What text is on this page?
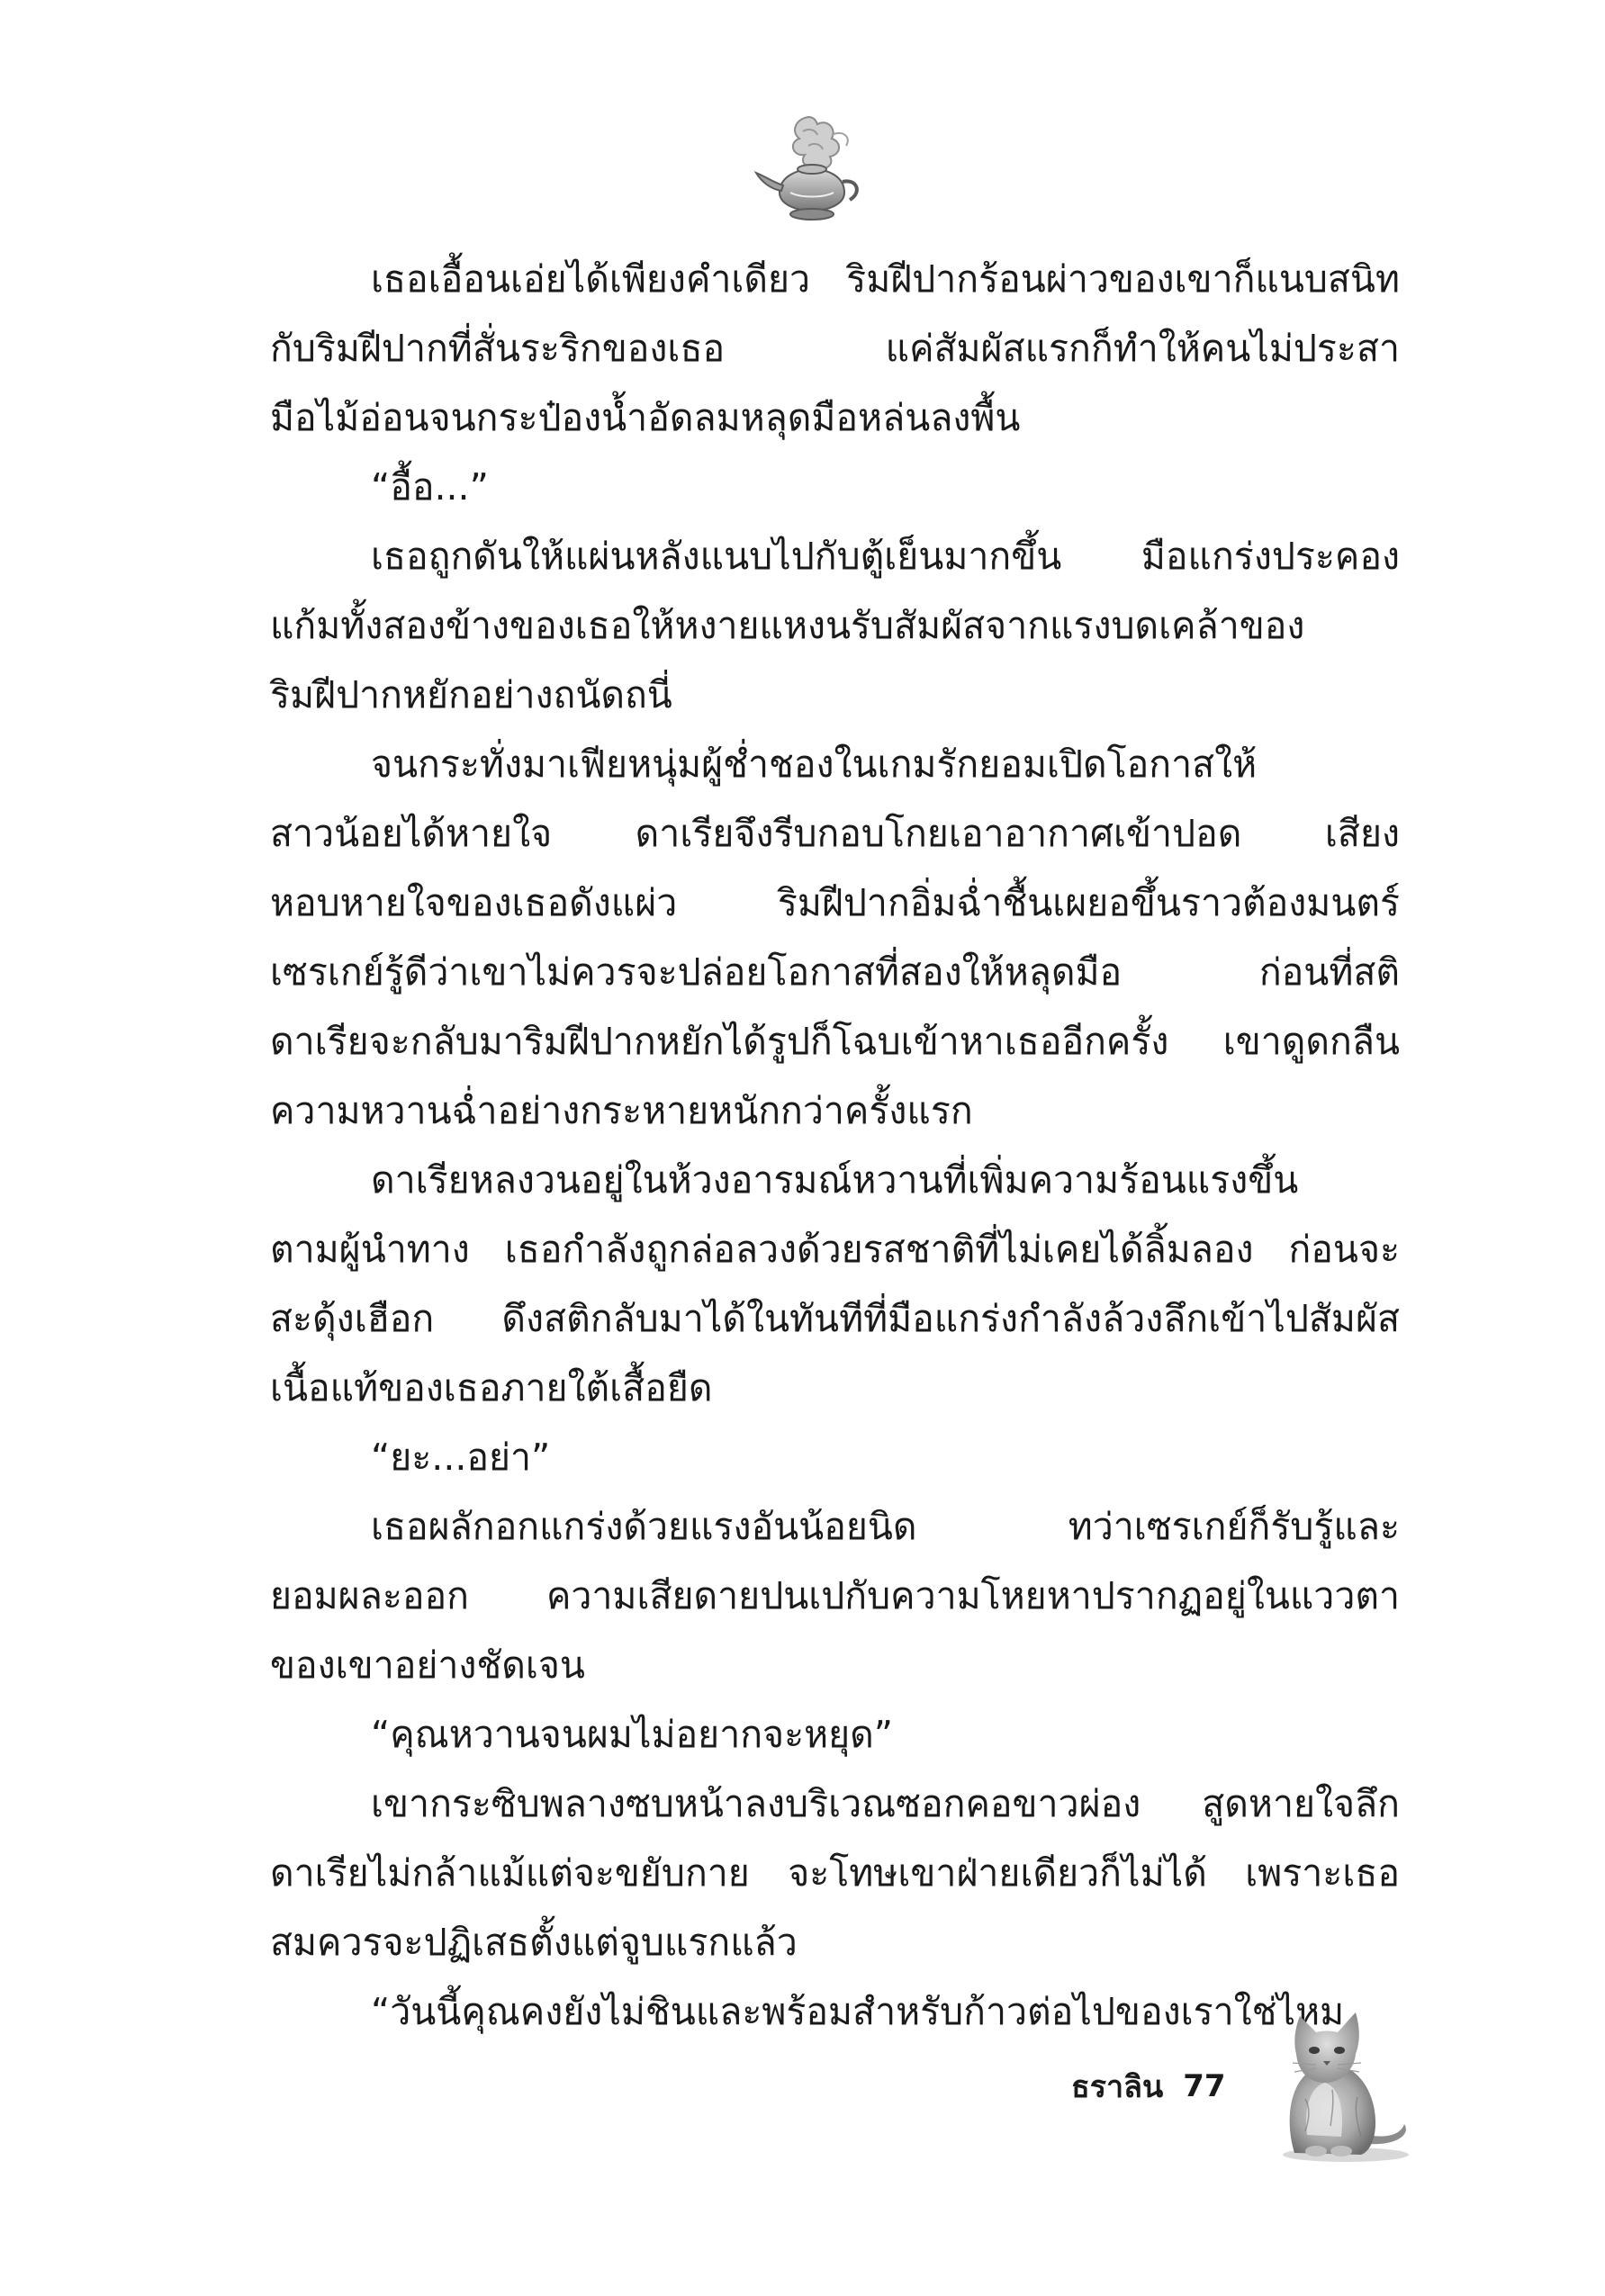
เธอเอื้อนเอ่ยได้เพียงคำเดียว ริมฝีปากร้อนผ่าวของเขาก็แนบสนิท
กับริมฝีปากที่สั่นระริกของเธอ แค่สัมผัสแรกก็ทำให้คนไม่ประสา
มือไม้อ่อนจนกระป๋องน้ำอัดลมหลุดมือหล่นลงพื้น
“อื้อ...”
เธอถูกดันให้แผ่นหลังแนบไปกับตู้เย็นมากขึ้น มือแกร่งประคอง
แก้มทั้งสองข้างของเธอให้หงายแหงนรับสัมผัสจากแรงบดเคล้าของ
ริมฝีปากหยักอย่างถนัดถนี่
จนกระทั่งมาเฟียหนุ่มผู้ช่ำชองในเกมรักยอมเปิดโอกาสให้
สาวน้อยได้หายใจ ดาเรียจึงรีบกอบโกยเอาอากาศเข้าปอด เสียง
หอบหายใจของเธอดังแผ่ว ริมฝีปากอิ่มฉ่ำชื้นเผยอขึ้นราวต้องมนตร์
เซรเกย์รู้ดีว่าเขาไม่ควรจะปล่อยโอกาสที่สองให้หลุดมือ ก่อนที่สติ
ดาเรียจะกลับมาริมฝีปากหยักได้รูปก็โฉบเข้าหาเธออีกครั้ง เขาดูดกลืน
ความหวานฉ่ำอย่างกระหายหนักกว่าครั้งแรก
ดาเรียหลงวนอยู่ในห้วงอารมณ์หวานที่เพิ่มความร้อนแรงขึ้น
ตามผู้นำทาง เธอกำลังถูกล่อลวงด้วยรสชาติที่ไม่เคยได้ลิ้มลอง ก่อนจะ
สะดุ้งเฮือก ดึงสติกลับมาได้ในทันทีที่มือแกร่งกำลังล้วงลึกเข้าไปสัมผัส
เนื้อแท้ของเธอภายใต้เสื้อยืด
“ยะ...อย่า”
เธอผลักอกแกร่งด้วยแรงอันน้อยนิด ทว่าเซรเกย์ก็รับรู้และ
ยอมผละออก ความเสียดายปนเปกับความโหยหาปรากฏอยู่ในแววตา
ของเขาอย่างชัดเจน
“คุณหวานจนผมไม่อยากจะหยุด”
เขากระซิบพลางซบหน้าลงบริเวณซอกคอขาวผ่อง สูดหายใจลึก
ดาเรียไม่กล้าแม้แต่จะขยับกาย จะโทษเขาฝ่ายเดียวก็ไม่ได้ เพราะเธอ
สมควรจะปฏิเสธตั้งแต่จูบแรกแล้ว
“วันนี้คุณคงยังไม่ชินและพร้อมสำหรับก้าวต่อไปของเราใช่ไหม
ธราลิน 77
